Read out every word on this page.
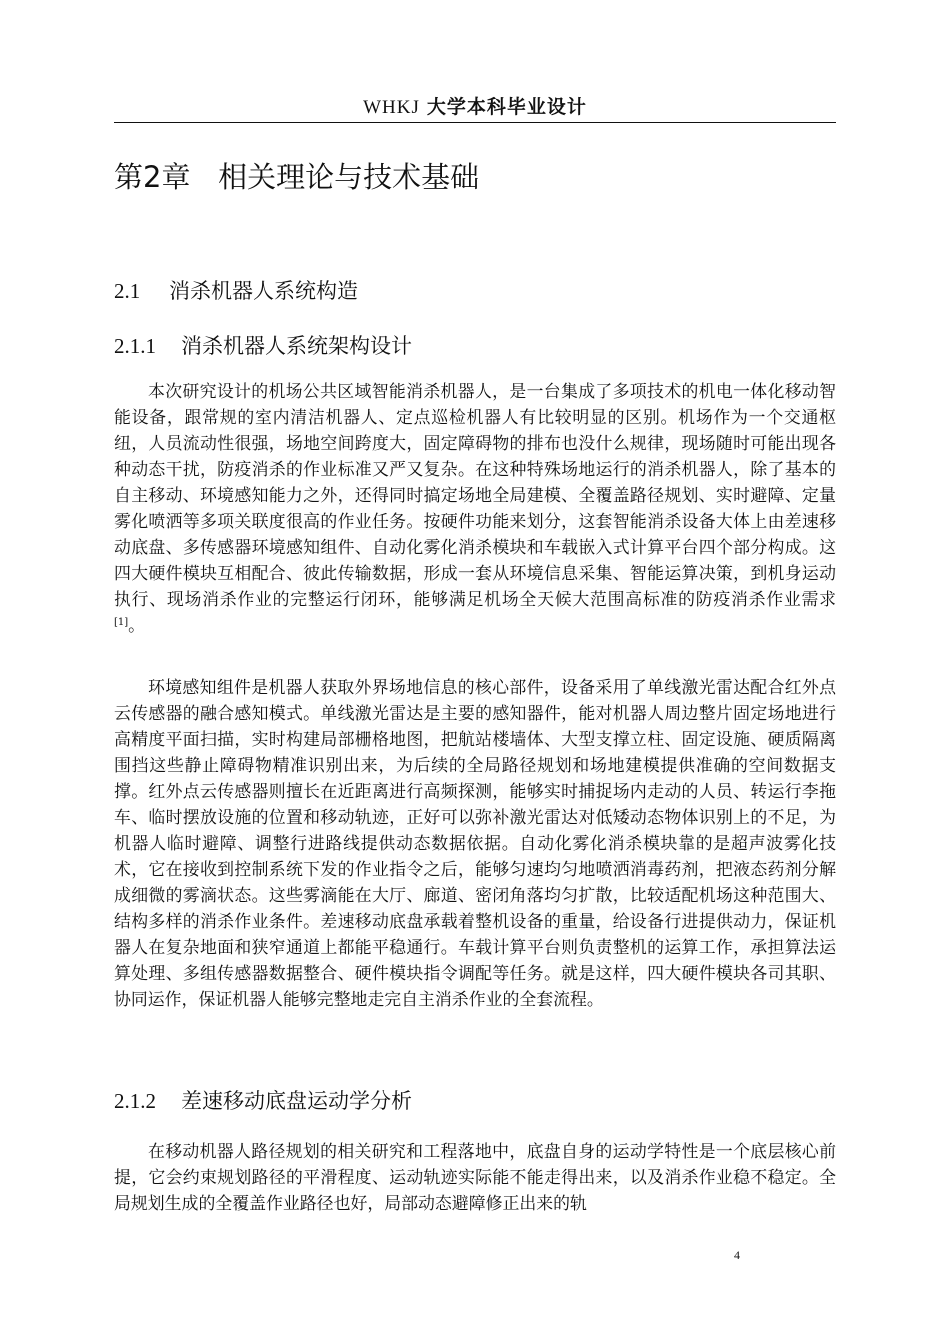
WHKJ 大学本科毕业设计
第2章 相关理论与技术基础
2.1 消杀机器人系统构造
2.1.1 消杀机器人系统架构设计

本次研究设计的机场公共区域智能消杀机器人，是一台集成了多项技术的机电一体化移动智能设备，跟常规的室内清洁机器人、定点巡检机器人有比较明显的区别。机场作为一个交通枢纽，人员流动性很强，场地空间跨度大，固定障碍物的排布也没什么规律，现场随时可能出现各种动态干扰，防疫消杀的作业标准又严又复杂。在这种特殊场地运行的消杀机器人，除了基本的自主移动、环境感知能力之外，还得同时搞定场地全局建模、全覆盖路径规划、实时避障、定量雾化喷洒等多项关联度很高的作业任务。按硬件功能来划分，这套智能消杀设备大体上由差速移动底盘、多传感器环境感知组件、自动化雾化消杀模块和车载嵌入式计算平台四个部分构成。这四大硬件模块互相配合、彼此传输数据，形成一套从环境信息采集、智能运算决策，到机身运动执行、现场消杀作业的完整运行闭环，能够满足机场全天候大范围高标准的防疫消杀作业需求[1]。

环境感知组件是机器人获取外界场地信息的核心部件，设备采用了单线激光雷达配合红外点云传感器的融合感知模式。单线激光雷达是主要的感知器件，能对机器人周边整片固定场地进行高精度平面扫描，实时构建局部栅格地图，把航站楼墙体、大型支撑立柱、固定设施、硬质隔离围挡这些静止障碍物精准识别出来，为后续的全局路径规划和场地建模提供准确的空间数据支撑。红外点云传感器则擅长在近距离进行高频探测，能够实时捕捉场内走动的人员、转运行李拖车、临时摆放设施的位置和移动轨迹，正好可以弥补激光雷达对低矮动态物体识别上的不足，为机器人临时避障、调整行进路线提供动态数据依据。自动化雾化消杀模块靠的是超声波雾化技术，它在接收到控制系统下发的作业指令之后，能够匀速均匀地喷洒消毒药剂，把液态药剂分解成细微的雾滴状态。这些雾滴能在大厅、廊道、密闭角落均匀扩散，比较适配机场这种范围大、结构多样的消杀作业条件。差速移动底盘承载着整机设备的重量，给设备行进提供动力，保证机器人在复杂地面和狭窄通道上都能平稳通行。车载计算平台则负责整机的运算工作，承担算法运算处理、多组传感器数据整合、硬件模块指令调配等任务。就是这样，四大硬件模块各司其职、协同运作，保证机器人能够完整地走完自主消杀作业的全套流程。

2.1.2 差速移动底盘运动学分析

在移动机器人路径规划的相关研究和工程落地中，底盘自身的运动学特性是一个底层核心前提，它会约束规划路径的平滑程度、运动轨迹实际能不能走得出来，以及消杀作业稳不稳定。全局规划生成的全覆盖作业路径也好，局部动态避障修正出来的轨

4
